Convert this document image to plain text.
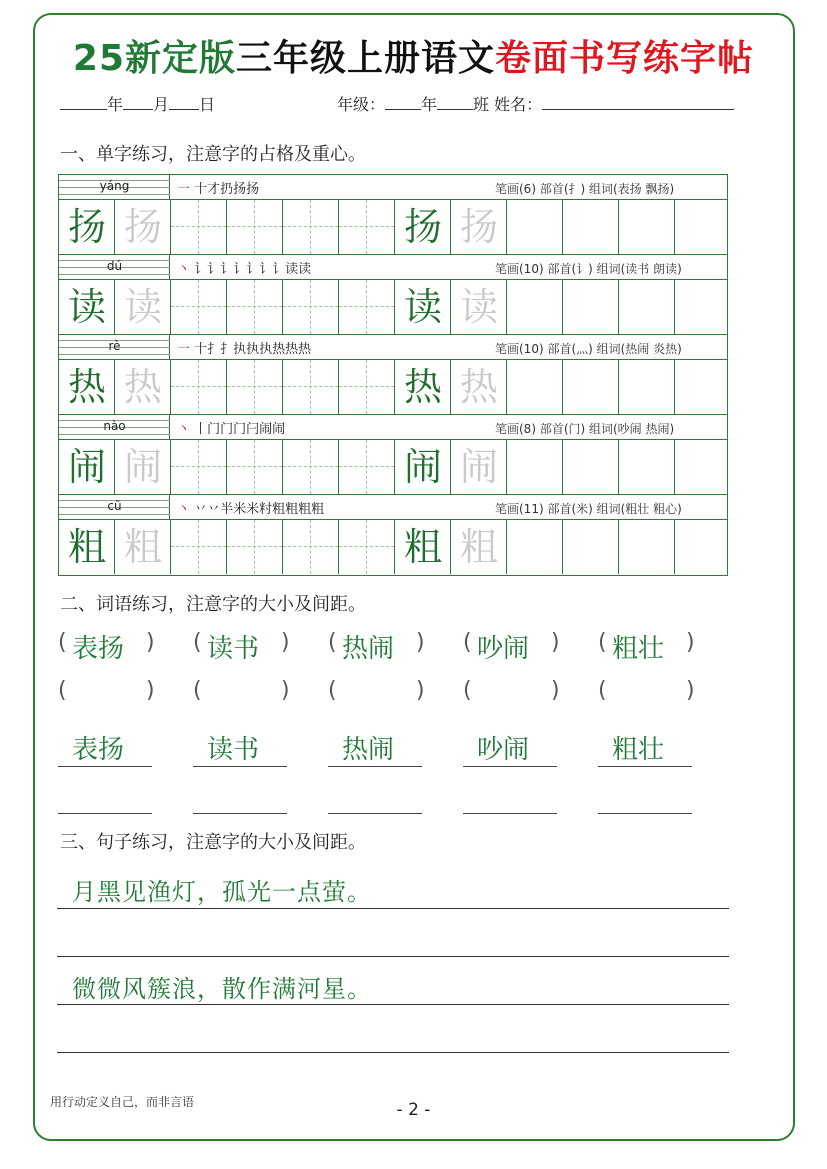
25新定版三年级上册语文卷面书写练字帖
年 月 日	年级： 年 班 姓名：
一、单字练习，注意字的占格及重心。
yáng	一 十才扔扬扬	笔画(6) 部首(扌) 组词(表扬 飘扬)
扬 扬	扬 扬
dú	丶 讠讠讠讠讠讠讠读读	笔画(10) 部首(讠) 组词(读书 朗读)
读 读	读 读
rè	一 十扌扌执执执热热热	笔画(10) 部首(灬) 组词(热闹 炎热)
热 热	热 热
nào	丶 丨门门门闩闹闹	笔画(8) 部首(门) 组词(吵闹 热闹)
闹 闹	闹 闹
cū	丶 丷丷半米米籿粗粗粗粗	笔画(11) 部首(米) 组词(粗壮 粗心)
粗 粗	粗 粗
二、词语练习，注意字的大小及间距。
( 表扬 )
(	)
表扬
( 读书 )
(	)
读书
( 热闹 )
(	)
热闹
( 吵闹 )
(	)
吵闹
( 粗壮 )
(	)
粗壮
三、句子练习，注意字的大小及间距。
月黑见渔灯，孤光一点萤。
微微风簇浪，散作满河星。
用行动定义自己，而非言语	- 2 -
